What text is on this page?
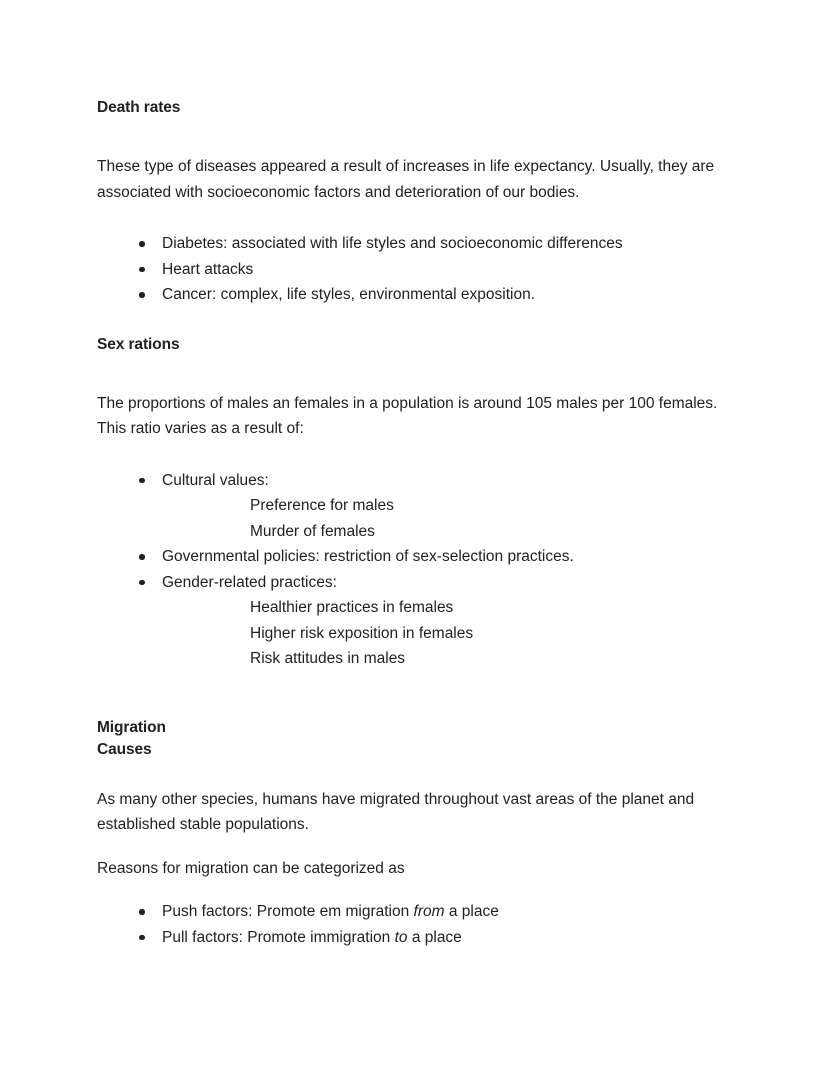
Death rates

These type of diseases appeared a result of increases in life expectancy. Usually, they are associated with socioeconomic factors and deterioration of our bodies.

Diabetes: associated with life styles and socioeconomic differences
Heart attacks
Cancer: complex, life styles, environmental exposition.
Sex rations

The proportions of males an females in a population is around 105 males per 100 females. This ratio varies as a result of:

Cultural values:
Preference for males
Murder of females
Governmental policies: restriction of sex-selection practices.
Gender-related practices:
Healthier practices in females
Higher risk exposition in females
Risk attitudes in males
Migration
Causes

As many other species, humans have migrated throughout vast areas of the planet and established stable populations.

Reasons for migration can be categorized as

Push factors: Promote em migration from a place
Pull factors: Promote immigration to a place
